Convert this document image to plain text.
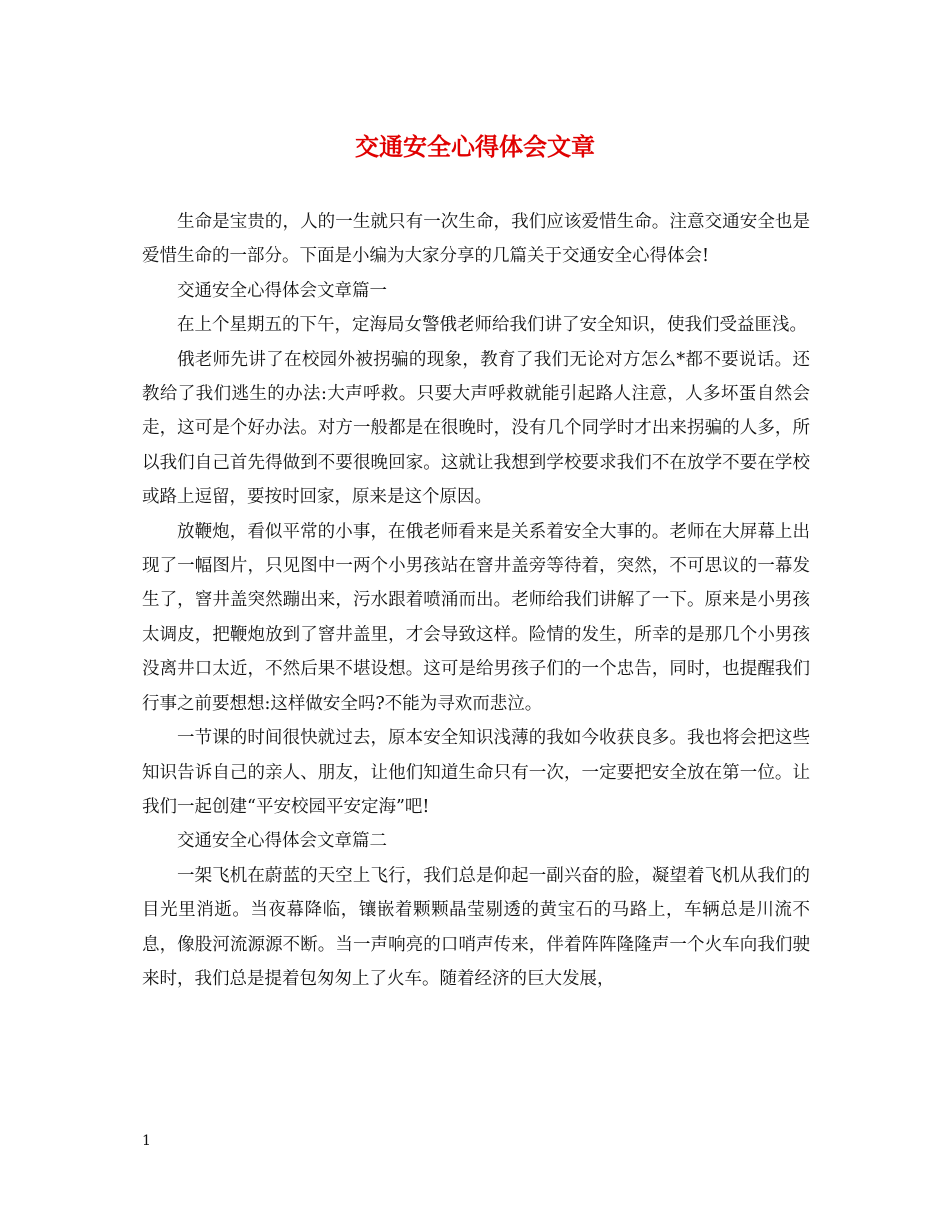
交通安全心得体会文章

生命是宝贵的，人的一生就只有一次生命，我们应该爱惜生命。注意交通安全也是爱惜生命的一部分。下面是小编为大家分享的几篇关于交通安全心得体会!

交通安全心得体会文章篇一

在上个星期五的下午，定海局女警俄老师给我们讲了安全知识，使我们受益匪浅。

俄老师先讲了在校园外被拐骗的现象，教育了我们无论对方怎么*都不要说话。还教给了我们逃生的办法:大声呼救。只要大声呼救就能引起路人注意，人多坏蛋自然会走，这可是个好办法。对方一般都是在很晚时，没有几个同学时才出来拐骗的人多，所以我们自己首先得做到不要很晚回家。这就让我想到学校要求我们不在放学不要在学校或路上逗留，要按时回家，原来是这个原因。

放鞭炮，看似平常的小事，在俄老师看来是关系着安全大事的。老师在大屏幕上出现了一幅图片，只见图中一两个小男孩站在窨井盖旁等待着，突然，不可思议的一幕发生了，窨井盖突然蹦出来，污水跟着喷涌而出。老师给我们讲解了一下。原来是小男孩太调皮，把鞭炮放到了窨井盖里，才会导致这样。险情的发生，所幸的是那几个小男孩没离井口太近，不然后果不堪设想。这可是给男孩子们的一个忠告，同时，也提醒我们行事之前要想想:这样做安全吗?不能为寻欢而悲泣。

一节课的时间很快就过去，原本安全知识浅薄的我如今收获良多。我也将会把这些知识告诉自己的亲人、朋友，让他们知道生命只有一次，一定要把安全放在第一位。让我们一起创建“平安校园平安定海”吧!

交通安全心得体会文章篇二

一架飞机在蔚蓝的天空上飞行，我们总是仰起一副兴奋的脸，凝望着飞机从我们的目光里消逝。当夜幕降临，镶嵌着颗颗晶莹剔透的黄宝石的马路上，车辆总是川流不息，像股河流源源不断。当一声响亮的口哨声传来，伴着阵阵隆隆声一个火车向我们驶来时，我们总是提着包匆匆上了火车。随着经济的巨大发展，

1
